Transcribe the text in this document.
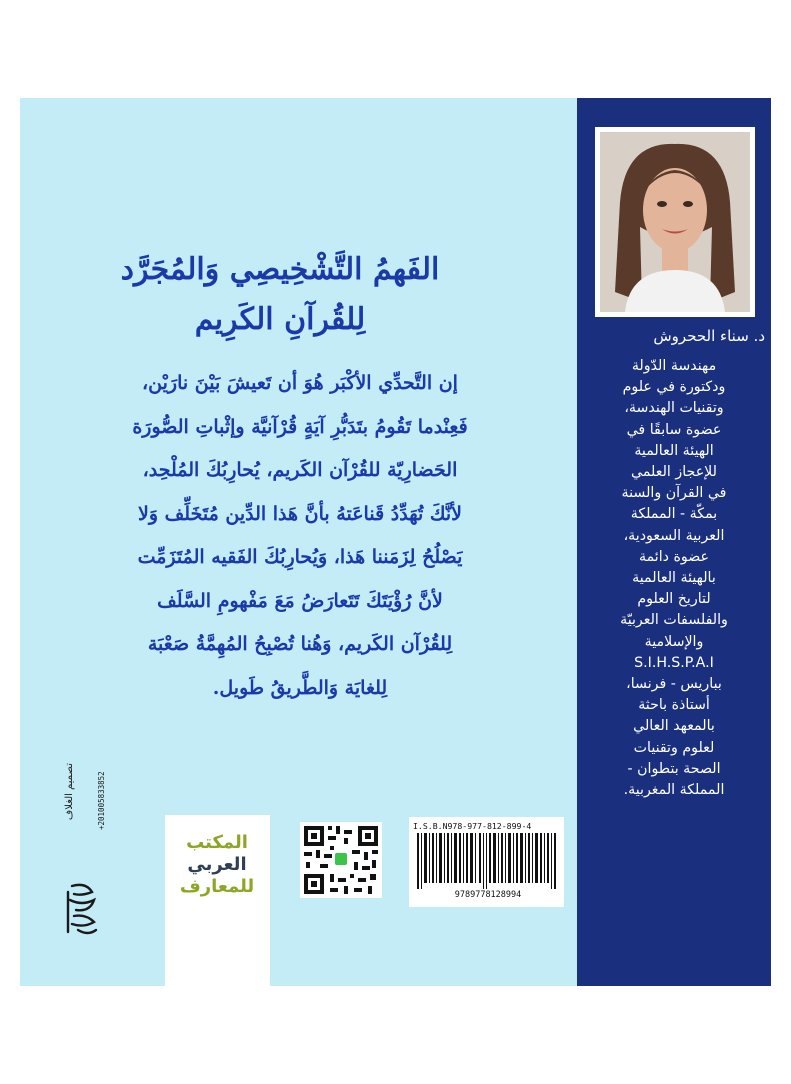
د. سناء الححروش
مهندسة الدّولة
ودكتورة في علوم
وتقنيات الهندسة،
عضوة سابقًا في
الهيئة العالمية
للإعجاز العلمي
في القرآن والسنة
بمكّة - المملكة
العربية السعودية،
عضوة دائمة
بالهيئة العالمية
لتاريخ العلوم
والفلسفات العربيّة
والإسلامية
S.I.H.S.P.A.I
بباريس - فرنسا،
أستاذة باحثة
بالمعهد العالي
لعلوم وتقنيات
الصحة بتطوان -
المملكة المغربية.
الفَهمُ التَّشْخِيصِي وَالمُجَرَّد
لِلقُرآنِ الكَرِيم
إن التَّحدِّي الأكْبَر هُوَ أن تَعيشَ بَيْنَ نارَيْن،
فَعِنْدما تَقُومُ بتَدَبُّرِ آيَةٍ قُرْآنيَّة وإثْباتِ الصُّورَة
الحَضارِيّة للقُرْآن الكَريم، يُحارِبُكَ المُلْحِد،
لأنَّكَ تُهَدِّدُ قَناعَتهُ بأنَّ هَذا الدِّين مُتَخَلِّف وَلا
يَصْلُحُ لِزَمَننا هَذا، وَيُحارِبُكَ الفَقيه المُتَزَمِّت
لأنَّ رُؤْيَتَكَ تَتَعارَضُ مَعَ مَفْهومِ السَّلَف
لِلقُرْآن الكَريم، وَهُنا تُصْبِحُ المُهِمَّةُ صَعْبَة
لِلغايَة وَالطَّريقُ طَويل.
المكتب
العربي
للمعارف
I.S.B.N978-977-812-899-4
9789778128994
تصميم الغلاف	+201005833852
